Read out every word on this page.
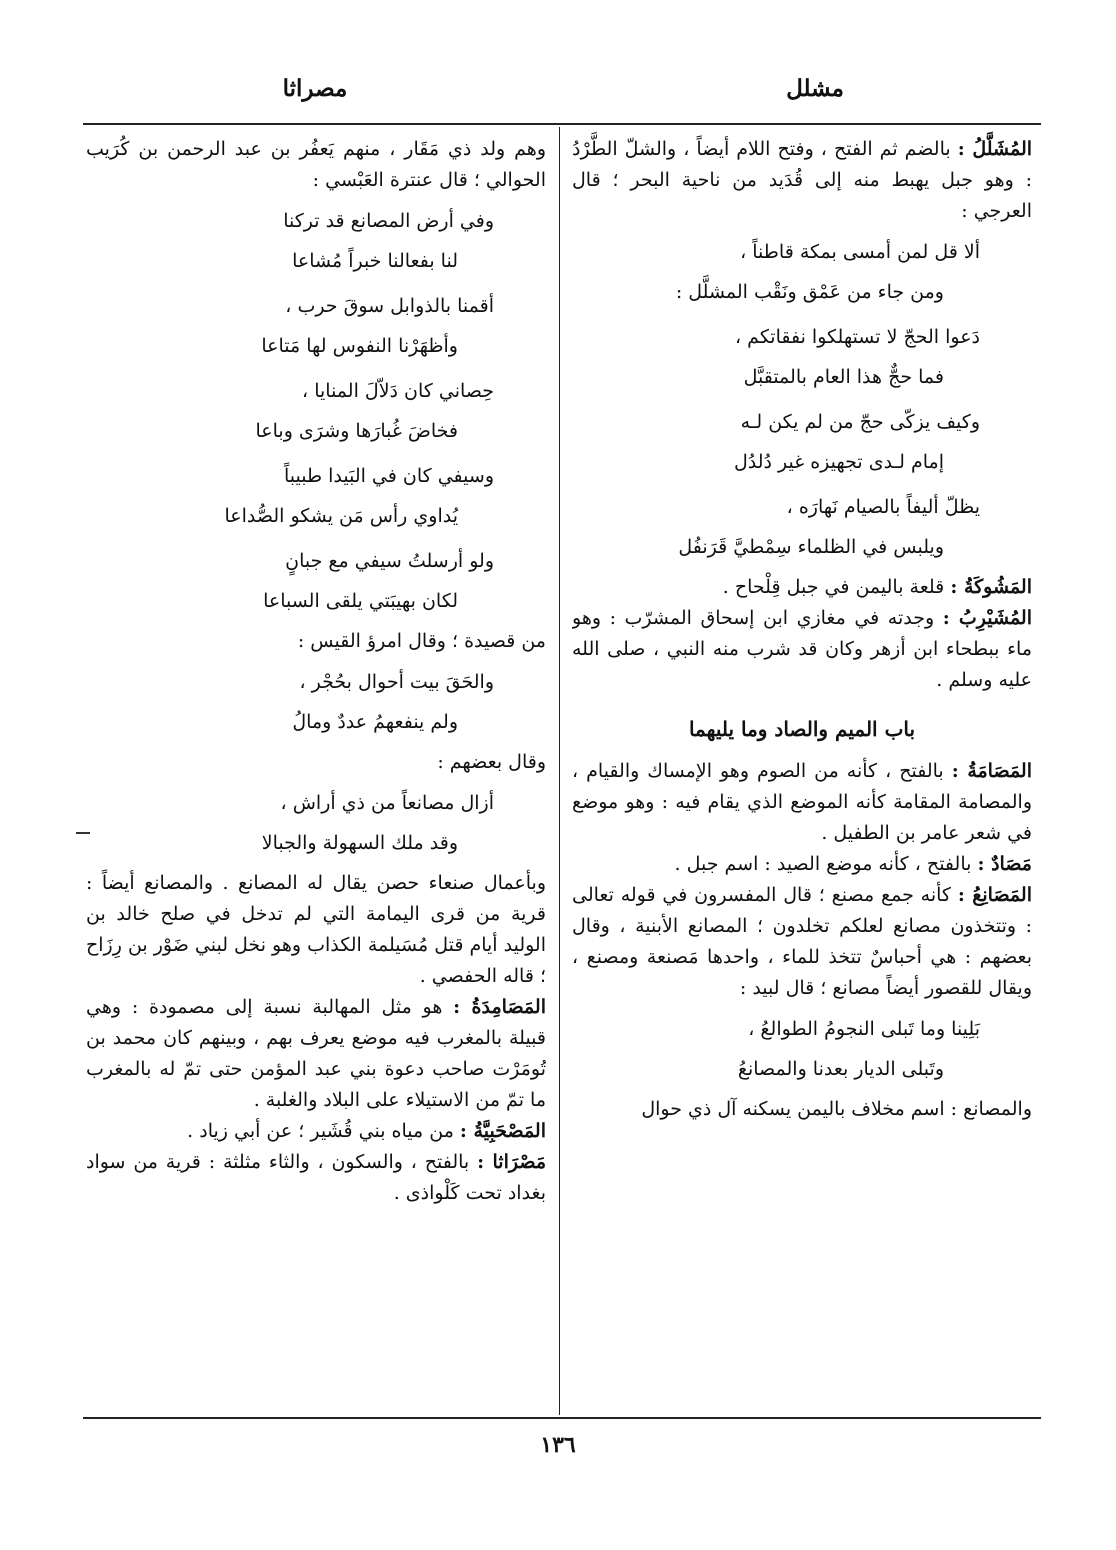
مشلل
مصراثا

المُشَلَّلُ : بالضم ثم الفتح ، وفتح اللام أيضاً ، والشلّ الطَّرْدُ : وهو جبل يهبط منه إلى قُدَيد من ناحية البحر ؛ قال العرجي :

ألا قل لمن أمسى بمكة قاطناً ،
ومن جاء من عَمْق ونَقْب المشلَّل :
دَعوا الحجّ لا تستهلكوا نفقاتكم ،
فما حجٌّ هذا العام بالمتقبَّل
وكيف يزكّى حجّ من لم يكن لـه
إمام لـدى تجهيزه غير دُلدُل
يظلّ أليفاً بالصيام نَهارَه ،
ويلبس في الظلماء سِمْطيَّ قَرَنفُل

المَشُوكَةُ : قلعة باليمن في جبل قِلْحاح .

المُشَيْرِبُ : وجدته في مغازي ابن إسحاق المشرّب : وهو ماء ببطحاء ابن أزهر وكان قد شرب منه النبي ، صلى الله عليه وسلم .

باب الميم والصاد وما يليهما

المَصَامَةُ : بالفتح ، كأنه من الصوم وهو الإمساك والقيام ، والمصامة المقامة كأنه الموضع الذي يقام فيه : وهو موضع في شعر عامر بن الطفيل .

مَصَادٌ : بالفتح ، كأنه موضع الصيد : اسم جبل .

المَصَانِعُ : كأنه جمع مصنع ؛ قال المفسرون في قوله تعالى : وتتخذون مصانع لعلكم تخلدون ؛ المصانع الأبنية ، وقال بعضهم : هي أحباسٌ تتخذ للماء ، واحدها مَصنعة ومصنع ، ويقال للقصور أيضاً مصانع ؛ قال لبيد :

بَلِينا وما تَبلى النجومُ الطوالعُ ،
وتَبلى الديار بعدنا والمصانعُ

والمصانع : اسم مخلاف باليمن يسكنه آل ذي حوال

وهم ولد ذي مَقَار ، منهم يَعفُر بن عبد الرحمن بن كُرَيب الحوالي ؛ قال عنترة العَبْسي :

وفي أرض المصانع قد تركنا
لنا بفعالنا خبراً مُشاعا
أقمنا بالذوابل سوقَ حرب ،
وأظهَرْنا النفوس لها مَتاعا
حِصاني كان دَلاّلَ المنايا ،
فخاضَ غُبارَها وشرَى وباعا
وسيفي كان في البَيدا طبيباً
يُداوي رأس مَن يشكو الصُّداعا
ولو أرسلتُ سيفي مع جبانٍ
لكان بهيبَتي يلقى السباعا

من قصيدة ؛ وقال امرؤ القيس :

والحَقَ بيت أحوال بحُجْر ،
ولم ينفعهمُ عددٌ ومالُ

وقال بعضهم :

أزال مصانعاً من ذي أراش ،
وقد ملك السهولة والجبالا

وبأعمال صنعاء حصن يقال له المصانع . والمصانع أيضاً : قرية من قرى اليمامة التي لم تدخل في صلح خالد بن الوليد أيام قتل مُسَيلمة الكذاب وهو نخل لبني ضَوْر بن رِزَاح ؛ قاله الحفصي .

المَصَامِدَةُ : هو مثل المهالبة نسبة إلى مصمودة : وهي قبيلة بالمغرب فيه موضع يعرف بهم ، وبينهم كان محمد بن تُومَرْت صاحب دعوة بني عبد المؤمن حتى تمّ له بالمغرب ما تمّ من الاستيلاء على البلاد والغلبة .

المَصْحَبِيَّةُ : من مياه بني قُشَير ؛ عن أبي زياد .

مَصْرَاثا : بالفتح ، والسكون ، والثاء مثلثة : قرية من سواد بغداد تحت كَلْواذى .

١٣٦
